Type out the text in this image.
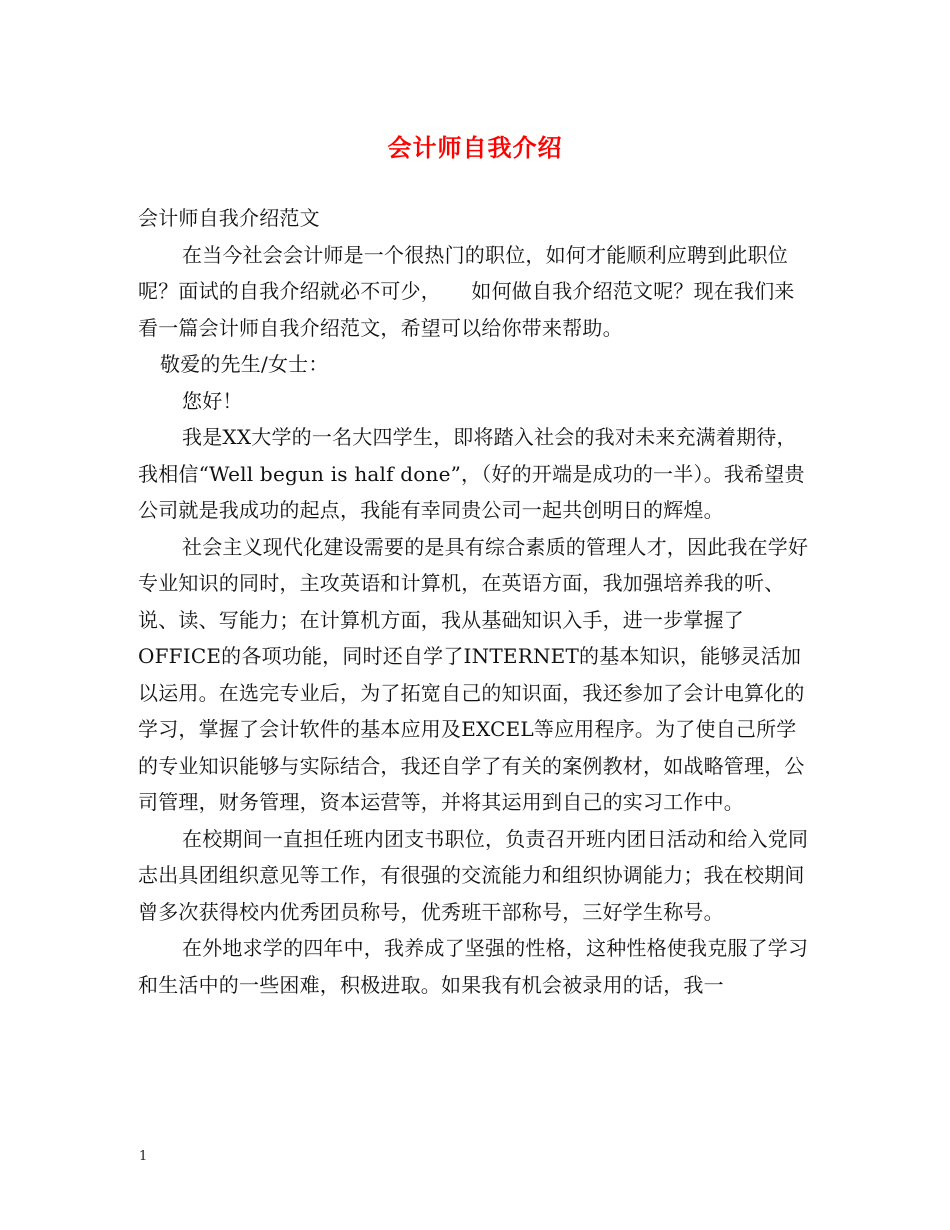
会计师自我介绍

会计师自我介绍范文

在当今社会会计师是一个很热门的职位，如何才能顺利应聘到此职位呢？面试的自我介绍就必不可少，　　如何做自我介绍范文呢？现在我们来看一篇会计师自我介绍范文，希望可以给你带来帮助。

敬爱的先生/女士：

您好！

我是XX大学的一名大四学生，即将踏入社会的我对未来充满着期待，我相信“Well begun is half done”，（好的开端是成功的一半）。我希望贵公司就是我成功的起点，我能有幸同贵公司一起共创明日的辉煌。

社会主义现代化建设需要的是具有综合素质的管理人才，因此我在学好专业知识的同时，主攻英语和计算机，在英语方面，我加强培养我的听、说、读、写能力；在计算机方面，我从基础知识入手，进一步掌握了OFFICE的各项功能，同时还自学了INTERNET的基本知识，能够灵活加以运用。在选完专业后，为了拓宽自己的知识面，我还参加了会计电算化的学习，掌握了会计软件的基本应用及EXCEL等应用程序。为了使自己所学的专业知识能够与实际结合，我还自学了有关的案例教材，如战略管理，公司管理，财务管理，资本运营等，并将其运用到自己的实习工作中。

在校期间一直担任班内团支书职位，负责召开班内团日活动和给入党同志出具团组织意见等工作，有很强的交流能力和组织协调能力；我在校期间曾多次获得校内优秀团员称号，优秀班干部称号，三好学生称号。

在外地求学的四年中，我养成了坚强的性格，这种性格使我克服了学习和生活中的一些困难，积极进取。如果我有机会被录用的话，我一

1
